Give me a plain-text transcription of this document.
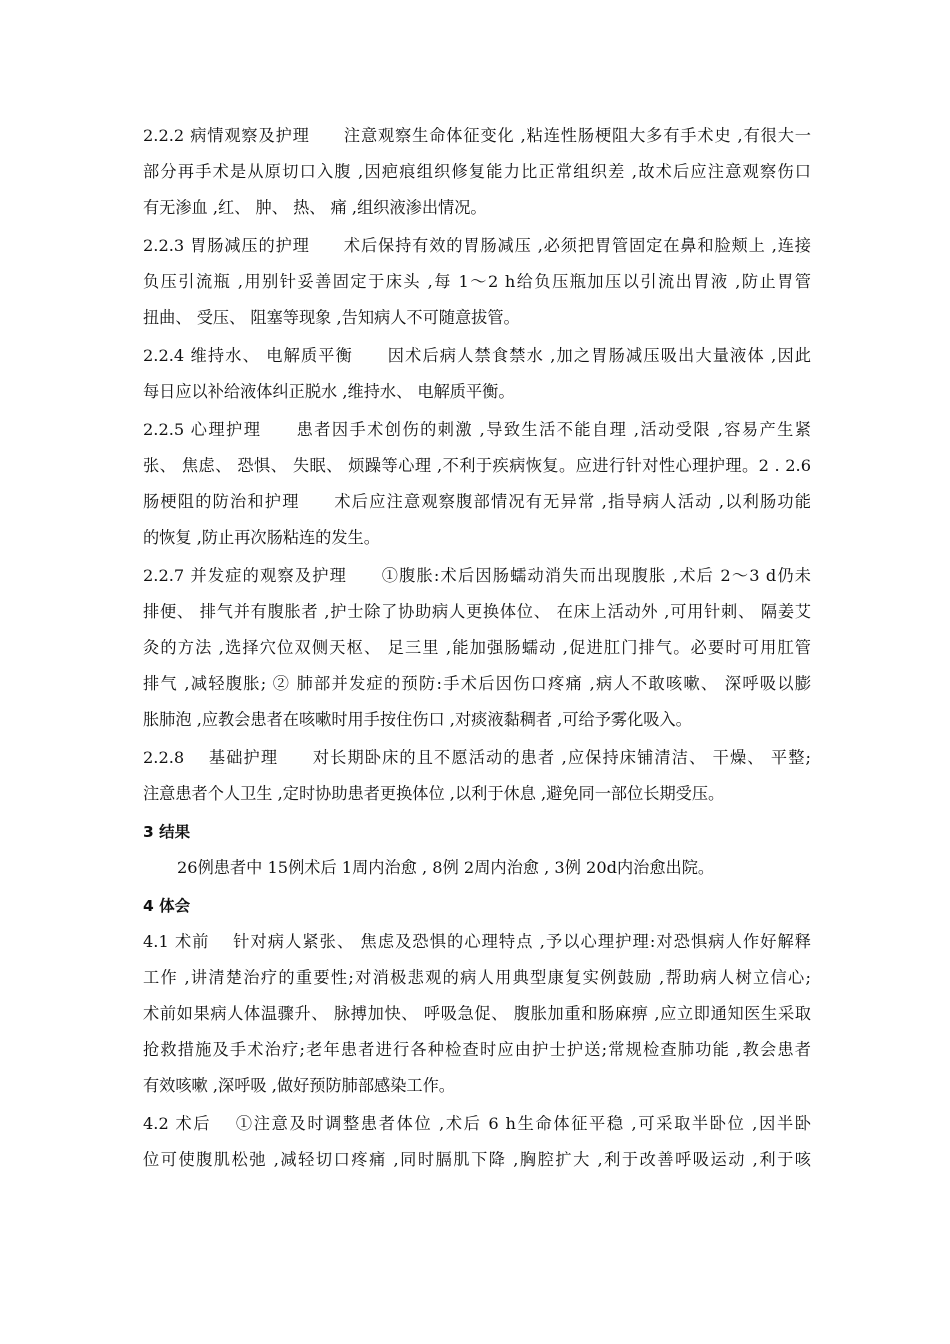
2.2.2 病情观察及护理　　注意观察生命体征变化 ,粘连性肠梗阻大多有手术史 ,有很大一
部分再手术是从原切口入腹 ,因疤痕组织修复能力比正常组织差 ,故术后应注意观察伤口
有无渗血 ,红、 肿、 热、 痛 ,组织液渗出情况。
2.2.3 胃肠减压的护理　　术后保持有效的胃肠减压 ,必须把胃管固定在鼻和脸颊上 ,连接
负压引流瓶 ,用别针妥善固定于床头 ,每 1～2 h给负压瓶加压以引流出胃液 ,防止胃管
扭曲、 受压、 阻塞等现象 ,告知病人不可随意拔管。
2.2.4 维持水、 电解质平衡　　因术后病人禁食禁水 ,加之胃肠减压吸出大量液体 ,因此
每日应以补给液体纠正脱水 ,维持水、 电解质平衡。
2.2.5 心理护理　　患者因手术创伤的刺激 ,导致生活不能自理 ,活动受限 ,容易产生紧
张、 焦虑、 恐惧、 失眠、 烦躁等心理 ,不利于疾病恢复。应进行针对性心理护理。2 . 2.6
肠梗阻的防治和护理　　术后应注意观察腹部情况有无异常 ,指导病人活动 ,以利肠功能
的恢复 ,防止再次肠粘连的发生。
2.2.7 并发症的观察及护理　　①腹胀:术后因肠蠕动消失而出现腹胀 ,术后 2～3 d仍未
排便、 排气并有腹胀者 ,护士除了协助病人更换体位、 在床上活动外 ,可用针刺、 隔姜艾
灸的方法 ,选择穴位双侧天枢、 足三里 ,能加强肠蠕动 ,促进肛门排气。必要时可用肛管
排气 ,减轻腹胀; ② 肺部并发症的预防:手术后因伤口疼痛 ,病人不敢咳嗽、 深呼吸以膨
胀肺泡 ,应教会患者在咳嗽时用手按住伤口 ,对痰液黏稠者 ,可给予雾化吸入。
2.2.8　 基础护理　　对长期卧床的且不愿活动的患者 ,应保持床铺清洁、 干燥、 平整;
注意患者个人卫生 ,定时协助患者更换体位 ,以利于休息 ,避免同一部位长期受压。
3 结果
26例患者中 15例术后 1周内治愈 , 8例 2周内治愈 , 3例 20d内治愈出院。
4 体会
4.1 术前　 针对病人紧张、 焦虑及恐惧的心理特点 ,予以心理护理:对恐惧病人作好解释
工作 ,讲清楚治疗的重要性;对消极悲观的病人用典型康复实例鼓励 ,帮助病人树立信心;
术前如果病人体温骤升、 脉搏加快、 呼吸急促、 腹胀加重和肠麻痹 ,应立即通知医生采取
抢救措施及手术治疗;老年患者进行各种检查时应由护士护送;常规检查肺功能 ,教会患者
有效咳嗽 ,深呼吸 ,做好预防肺部感染工作。
4.2 术后　 ①注意及时调整患者体位 ,术后 6 h生命体征平稳 ,可采取半卧位 ,因半卧
位可使腹肌松弛 ,减轻切口疼痛 ,同时膈肌下降 ,胸腔扩大 ,利于改善呼吸运动 ,利于咳
